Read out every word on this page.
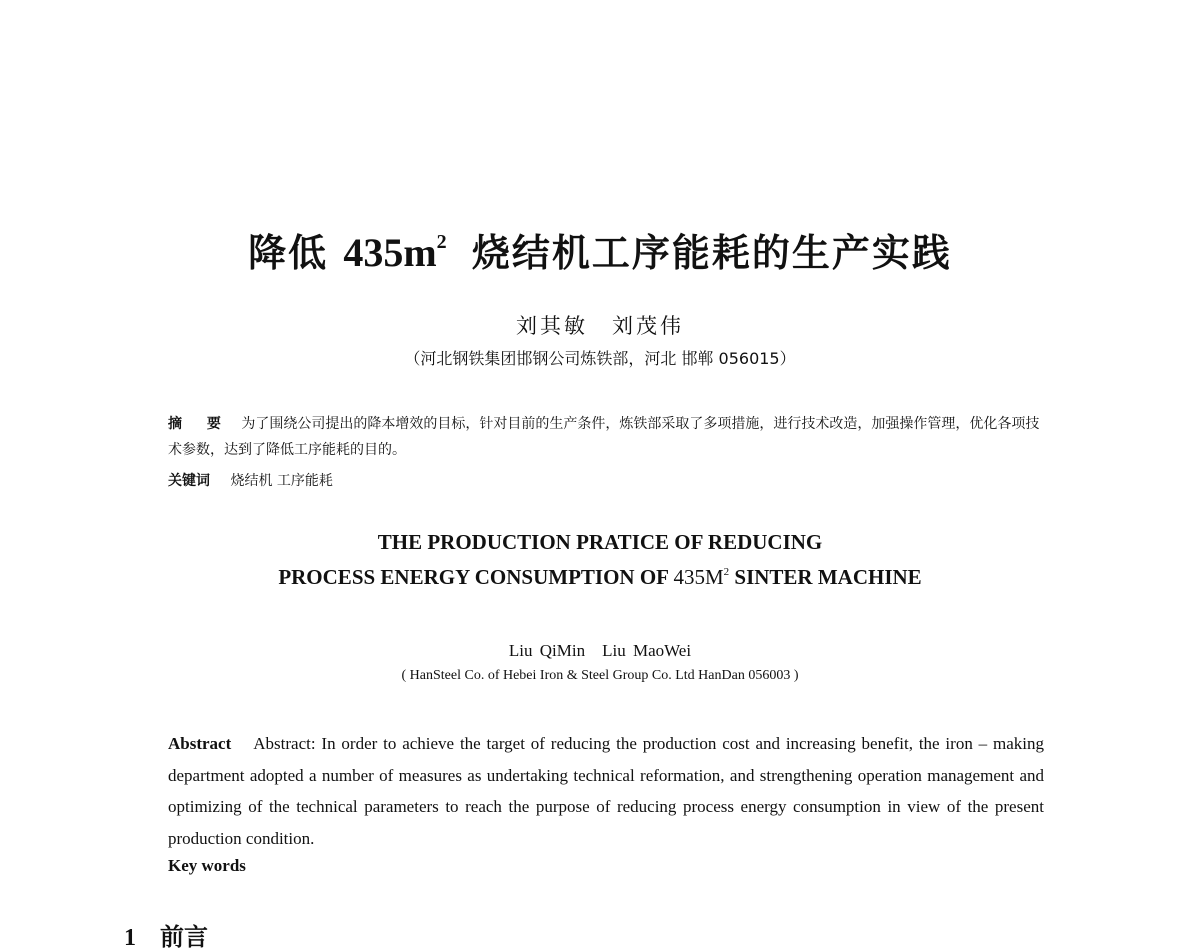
降低 $435m^2$ 烧结机工序能耗的生产实践
刘其敏　刘茂伟
（河北钢铁集团邯钢公司炼铁部，河北 邯郸 056015）
摘 要 为了围绕公司提出的降本增效的目标，针对目前的生产条件，炼铁部采取了多项措施，进行技术改造，加强操作管理，优化各项技术参数，达到了降低工序能耗的目的。
关键词 烧结机 工序能耗
THE PRODUCTION PRATICE OF REDUCING
PROCESS ENERGY CONSUMPTION OF $435M^2$ SINTER MACHINE
Liu QiMin　Liu MaoWei
( HanSteel Co. of Hebei Iron & Steel Group Co. Ltd HanDan 056003 )
Abstract Abstract: In order to achieve the target of reducing the production cost and increasing benefit, the iron – making department adopted a number of measures as undertaking technical reformation, and strengthening operation management and optimizing of the technical parameters to reach the purpose of reducing process energy consumption in view of the present production condition.
Key words
1 前言
